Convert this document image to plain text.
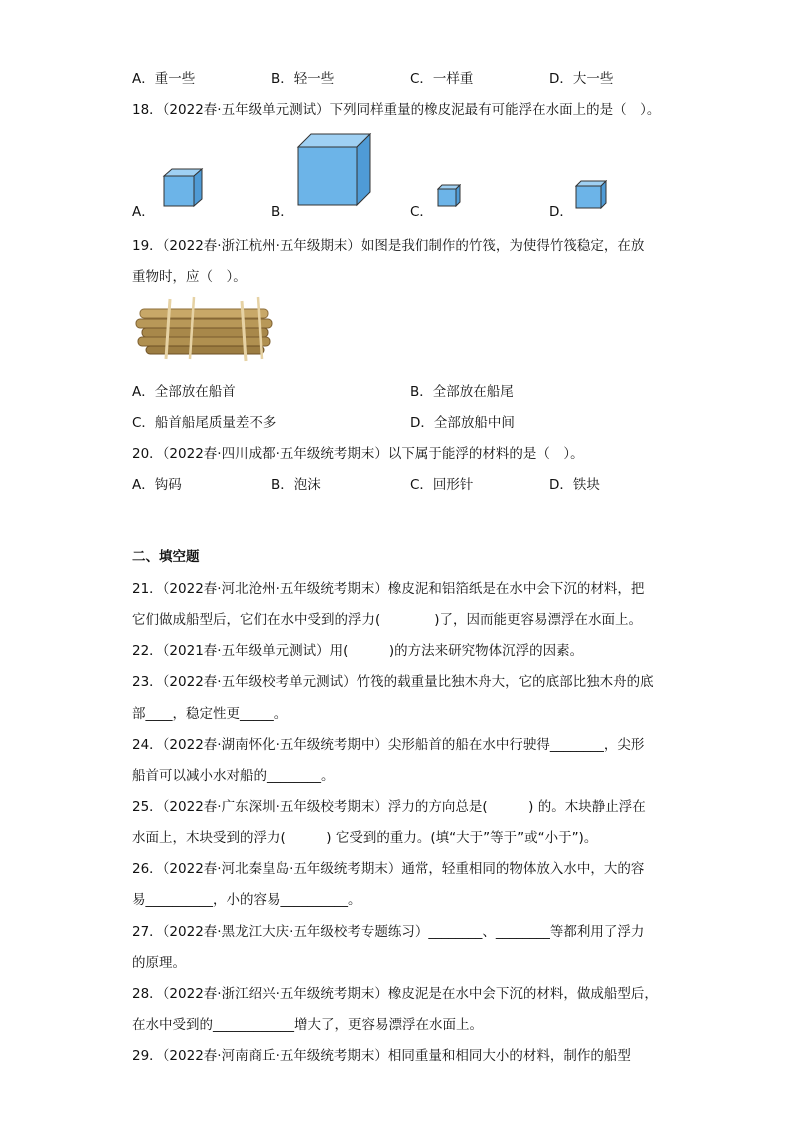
A．重一些	B．轻一些	C．一样重	D．大一些
18．（2022春·五年级单元测试）下列同样重量的橡皮泥最有可能浮在水面上的是（　）。
A．	B．	C．	D．
19．（2022春·浙江杭州·五年级期末）如图是我们制作的竹筏，为使得竹筏稳定，在放
重物时，应（　）。
A．全部放在船首	B．全部放在船尾
C．船首船尾质量差不多	D．全部放船中间
20．（2022春·四川成都·五年级统考期末）以下属于能浮的材料的是（　）。
A．钩码	B．泡沫	C．回形针	D．铁块
二、填空题
21．（2022春·河北沧州·五年级统考期末）橡皮泥和铝箔纸是在水中会下沉的材料，把
它们做成船型后，它们在水中受到的浮力(　　　　)了，因而能更容易漂浮在水面上。
22．（2021春·五年级单元测试）用(　　　)的方法来研究物体沉浮的因素。
23．（2022春·五年级校考单元测试）竹筏的载重量比独木舟大，它的底部比独木舟的底
部____，稳定性更_____。
24．（2022春·湖南怀化·五年级统考期中）尖形船首的船在水中行驶得________，尖形
船首可以减小水对船的________。
25．（2022春·广东深圳·五年级校考期末）浮力的方向总是(　　　) 的。木块静止浮在
水面上，木块受到的浮力(　　　) 它受到的重力。(填“大于”等于”或“小于”)。
26．（2022春·河北秦皇岛·五年级统考期末）通常，轻重相同的物体放入水中，大的容
易__________，小的容易__________。
27．（2022春·黑龙江大庆·五年级校考专题练习）________、________等都利用了浮力
的原理。
28．（2022春·浙江绍兴·五年级统考期末）橡皮泥是在水中会下沉的材料，做成船型后，
在水中受到的____________增大了，更容易漂浮在水面上。
29．（2022春·河南商丘·五年级统考期末）相同重量和相同大小的材料，制作的船型
